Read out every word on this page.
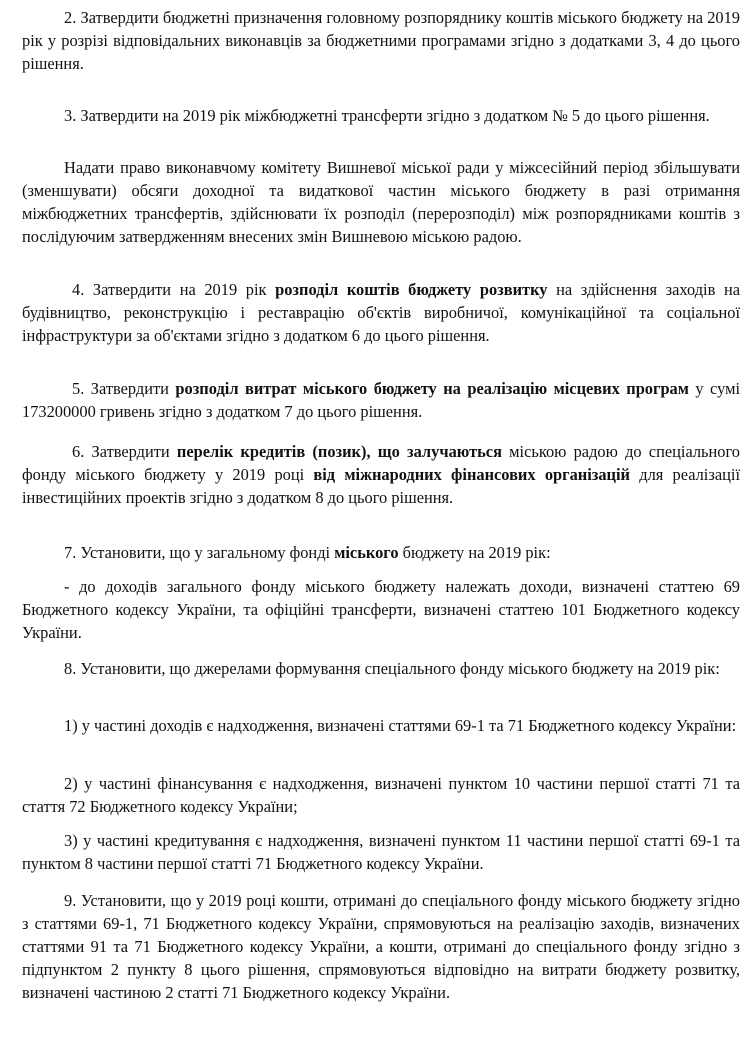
2. Затвердити бюджетні призначення головному розпоряднику коштів міського бюджету на 2019 рік у розрізі відповідальних виконавців за бюджетними програмами згідно з додатками 3, 4 до цього рішення.

3. Затвердити на 2019 рік міжбюджетні трансферти згідно з додатком № 5 до цього рішення.

Надати право виконавчому комітету Вишневої міської ради у міжсесійний період збільшувати (зменшувати) обсяги доходної та видаткової частин міського бюджету в разі отримання міжбюджетних трансфертів, здійснювати їх розподіл (перерозподіл) між розпорядниками коштів з послідуючим затвердженням внесених змін Вишневою міською радою.

4. Затвердити на 2019 рік розподіл коштів бюджету розвитку на здійснення заходів на будівництво, реконструкцію і реставрацію об'єктів виробничої, комунікаційної та соціальної інфраструктури за об'єктами згідно з додатком 6 до цього рішення.

5. Затвердити розподіл витрат міського бюджету на реалізацію місцевих програм у сумі 173200000 гривень згідно з додатком 7 до цього рішення.

6. Затвердити перелік кредитів (позик), що залучаються міською радою до спеціального фонду міського бюджету у 2019 році від міжнародних фінансових організацій для реалізації інвестиційних проектів згідно з додатком 8 до цього рішення.

7. Установити, що у загальному фонді міського бюджету на 2019 рік:

- до доходів загального фонду міського бюджету належать доходи, визначені статтею 69 Бюджетного кодексу України, та офіційні трансферти, визначені статтею 101 Бюджетного кодексу України.

8. Установити, що джерелами формування спеціального фонду міського бюджету на 2019 рік:

1) у частині доходів є надходження, визначені статтями 69-1 та 71 Бюджетного кодексу України:

2) у частині фінансування є надходження, визначені пунктом 10 частини першої статті 71 та стаття 72 Бюджетного кодексу України;

3) у частині кредитування є надходження, визначені пунктом 11 частини першої статті 69-1 та пунктом 8 частини першої статті 71 Бюджетного кодексу України.

9. Установити, що у 2019 році кошти, отримані до спеціального фонду міського бюджету згідно з статтями 69-1, 71 Бюджетного кодексу України, спрямовуються на реалізацію заходів, визначених статтями 91 та 71 Бюджетного кодексу України, а кошти, отримані до спеціального фонду згідно з підпунктом 2 пункту 8 цього рішення, спрямовуються відповідно на витрати бюджету розвитку, визначені частиною 2 статті 71 Бюджетного кодексу України.
